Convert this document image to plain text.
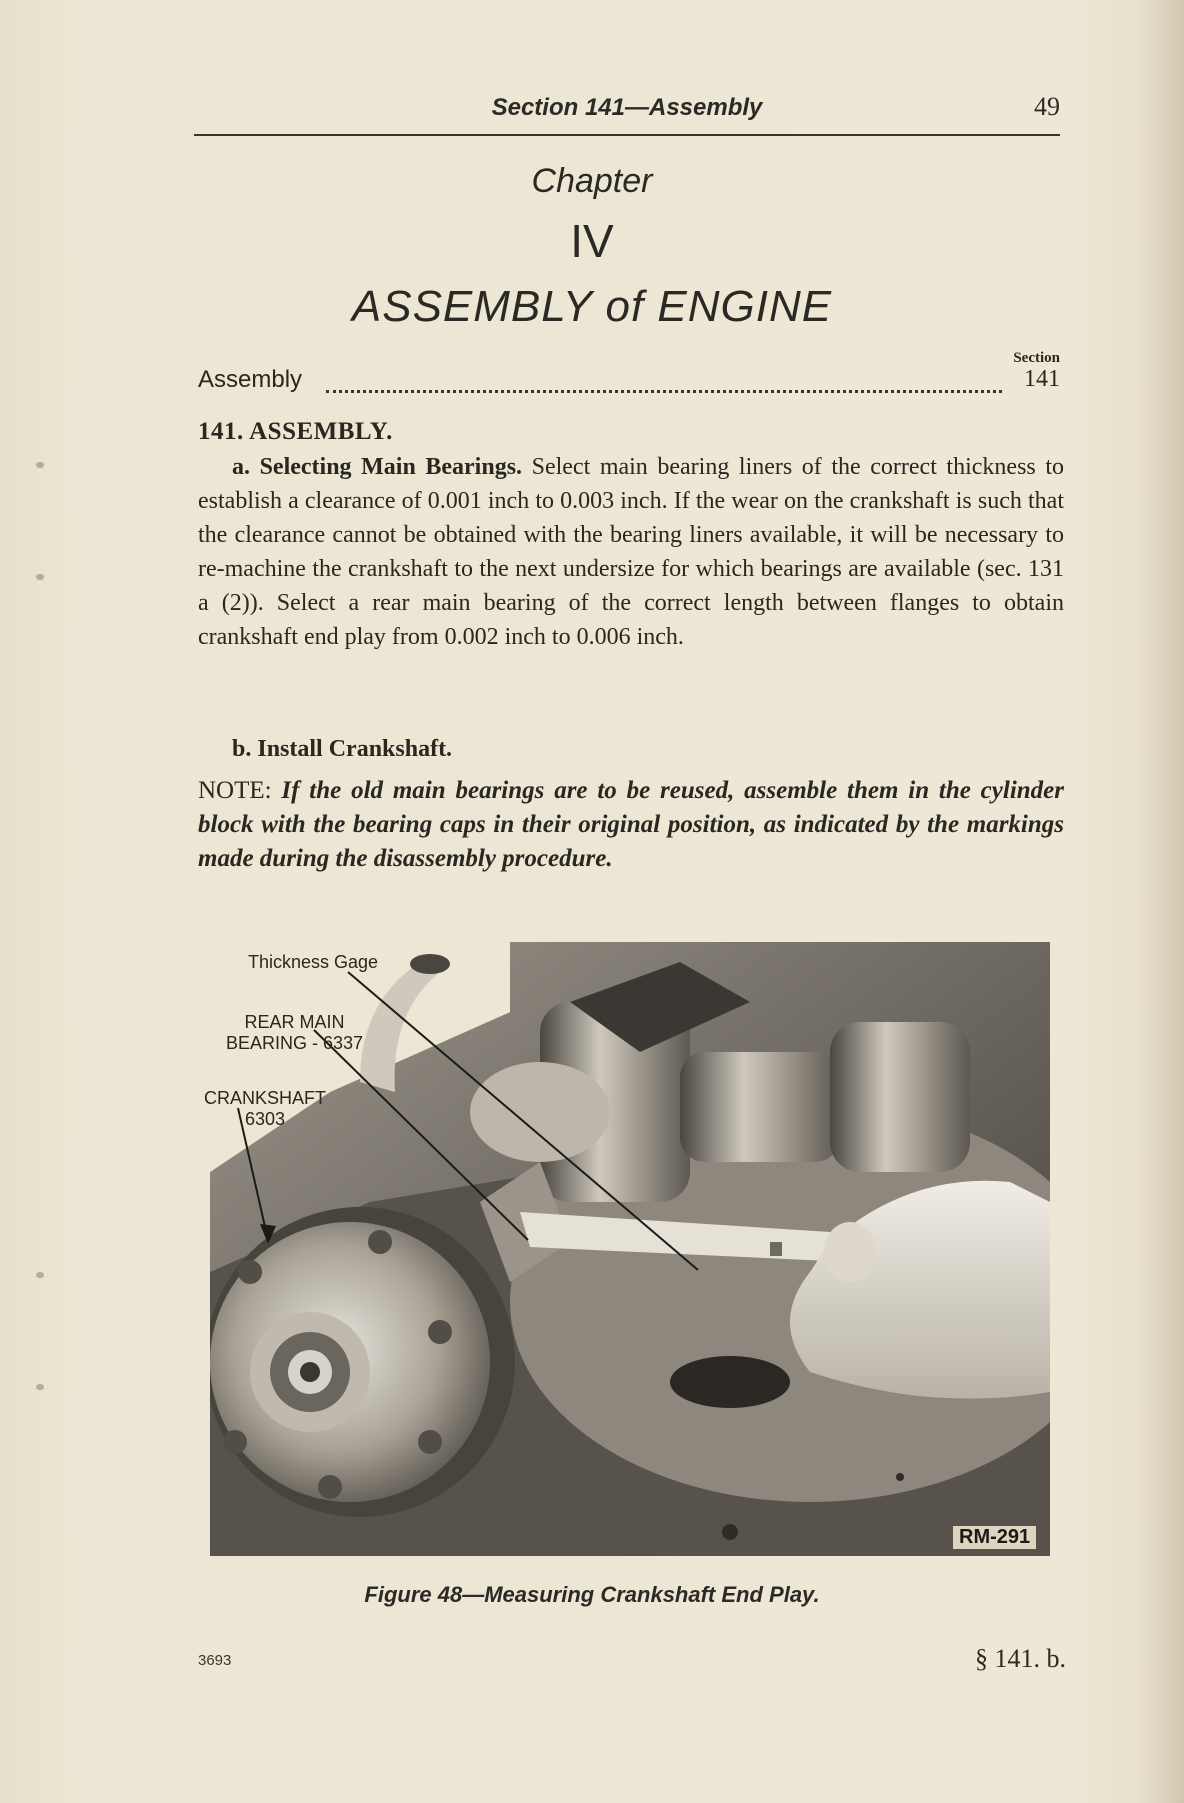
Section 141—Assembly	49
Chapter
IV
ASSEMBLY of ENGINE
Section
Assembly	141
141. ASSEMBLY.
a. Selecting Main Bearings. Select main bearing liners of the correct thickness to establish a clearance of 0.001 inch to 0.003 inch. If the wear on the crankshaft is such that the clearance cannot be obtained with the bearing liners available, it will be necessary to re-machine the crankshaft to the next undersize for which bearings are available (sec. 131 a (2)). Select a rear main bearing of the correct length between flanges to obtain crankshaft end play from 0.002 inch to 0.006 inch.
b. Install Crankshaft.
NOTE: If the old main bearings are to be reused, assemble them in the cylinder block with the bearing caps in their original position, as indicated by the markings made during the disassembly procedure.
Thickness Gage
REAR MAIN
BEARING - 6337
CRANKSHAFT
6303
RM-291
Figure 48—Measuring Crankshaft End Play.
3693	§ 141. b.
